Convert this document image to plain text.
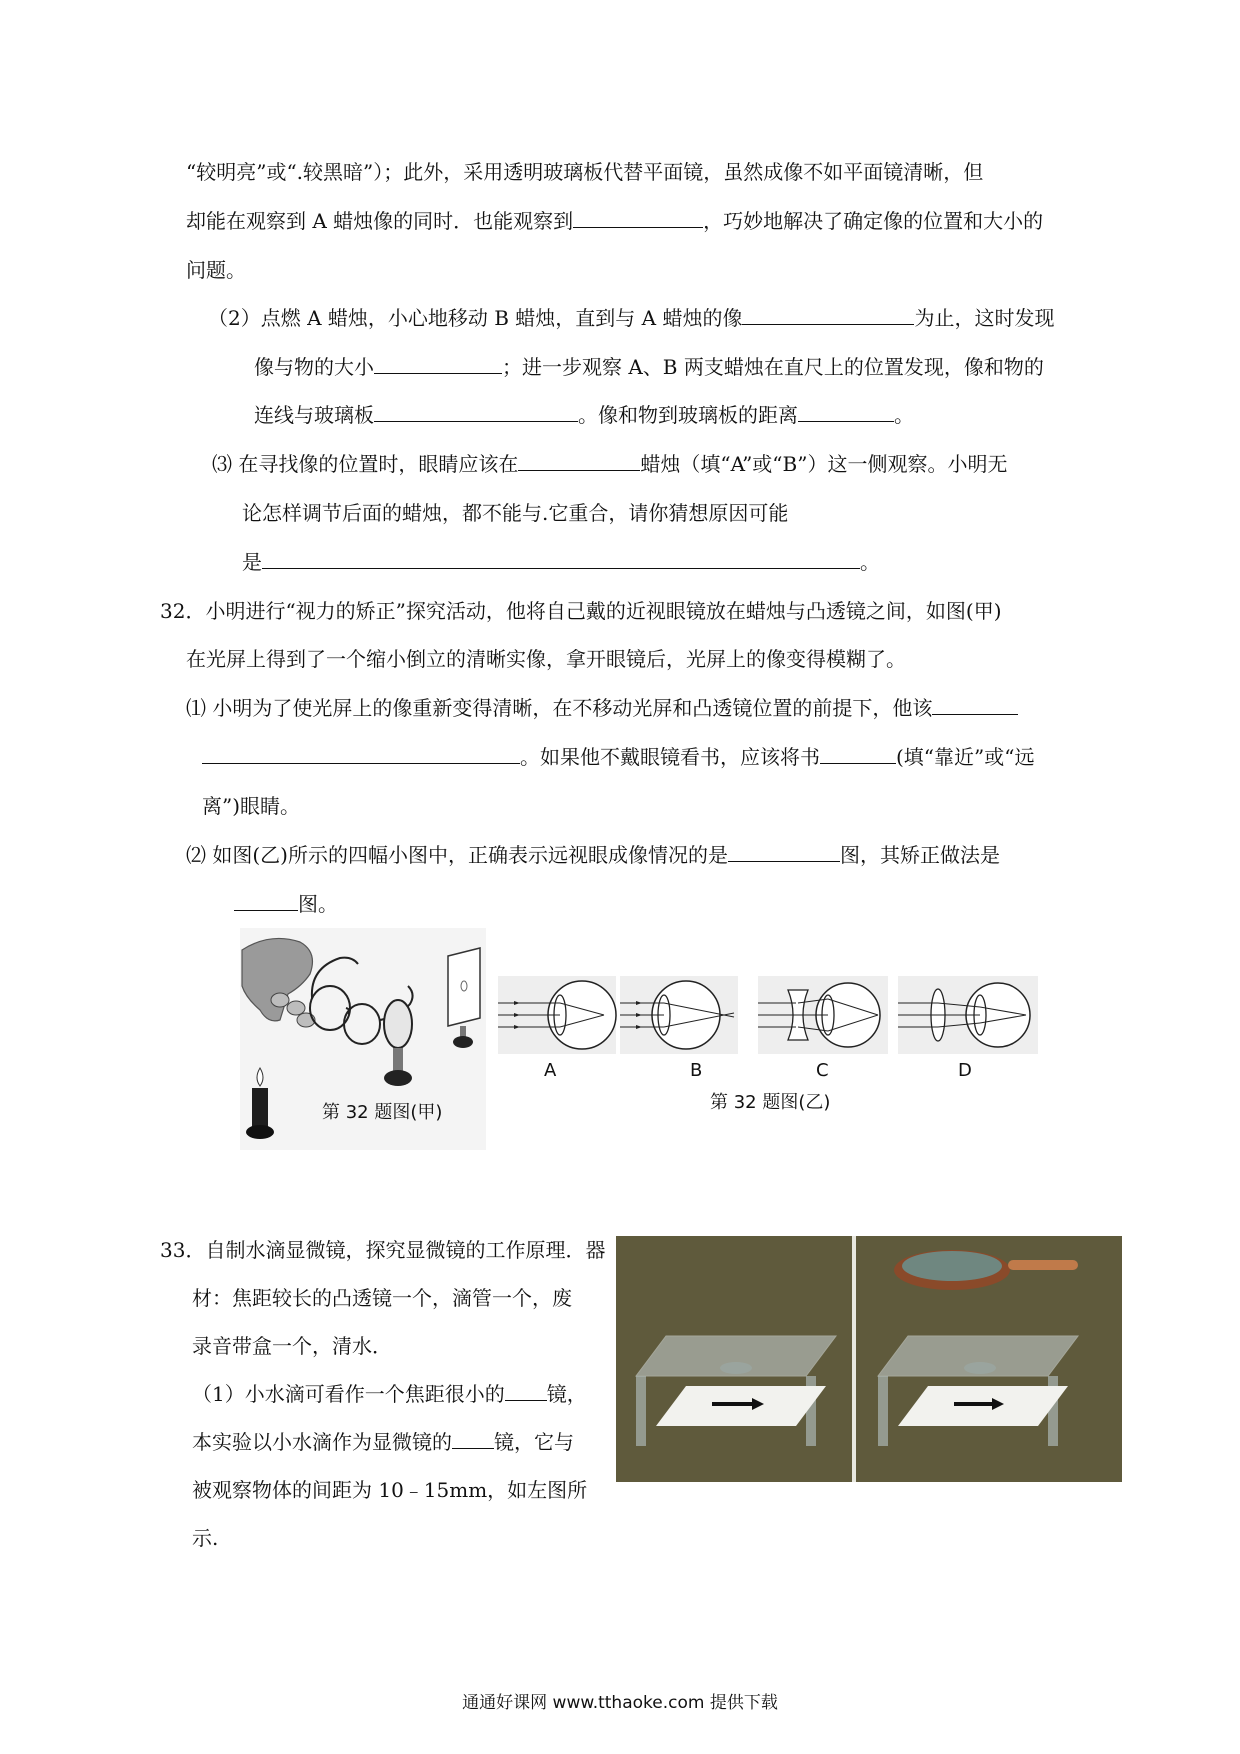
“较明亮”或“.较黑暗”）；此外，采用透明玻璃板代替平面镜，虽然成像不如平面镜清晰，但
却能在观察到 A 蜡烛像的同时．也能观察到	，巧妙地解决了确定像的位置和大小的
问题。
（2）点燃 A 蜡烛，小心地移动 B 蜡烛，直到与 A 蜡烛的像	为止，这时发现
像与物的大小	；进一步观察 A、B 两支蜡烛在直尺上的位置发现，像和物的
连线与玻璃板	。像和物到玻璃板的距离	。
⑶ 在寻找像的位置时，眼睛应该在	蜡烛（填“A”或“B”）这一侧观察。小明无
论怎样调节后面的蜡烛，都不能与.它重合，请你猜想原因可能
是	。
32．小明进行“视力的矫正”探究活动，他将自己戴的近视眼镜放在蜡烛与凸透镜之间，如图(甲)
在光屏上得到了一个缩小倒立的清晰实像，拿开眼镜后，光屏上的像变得模糊了。
⑴ 小明为了使光屏上的像重新变得清晰，在不移动光屏和凸透镜位置的前提下，他该
。如果他不戴眼镜看书，应该将书	(填“靠近”或“远
离”)眼睛。
⑵ 如图(乙)所示的四幅小图中，正确表示远视眼成像情况的是	图，其矫正做法是
图。
第 32 题图(甲)
A	B	C	D
第 32 题图(乙)
33．自制水滴显微镜，探究显微镜的工作原理．器
材：焦距较长的凸透镜一个，滴管一个，废
录音带盒一个，清水．
（1）小水滴可看作一个焦距很小的 镜，
本实验以小水滴作为显微镜的 镜，它与
被观察物体的间距为 10﹣15mm，如左图所
示.
通通好课网 www.tthaoke.com 提供下载
